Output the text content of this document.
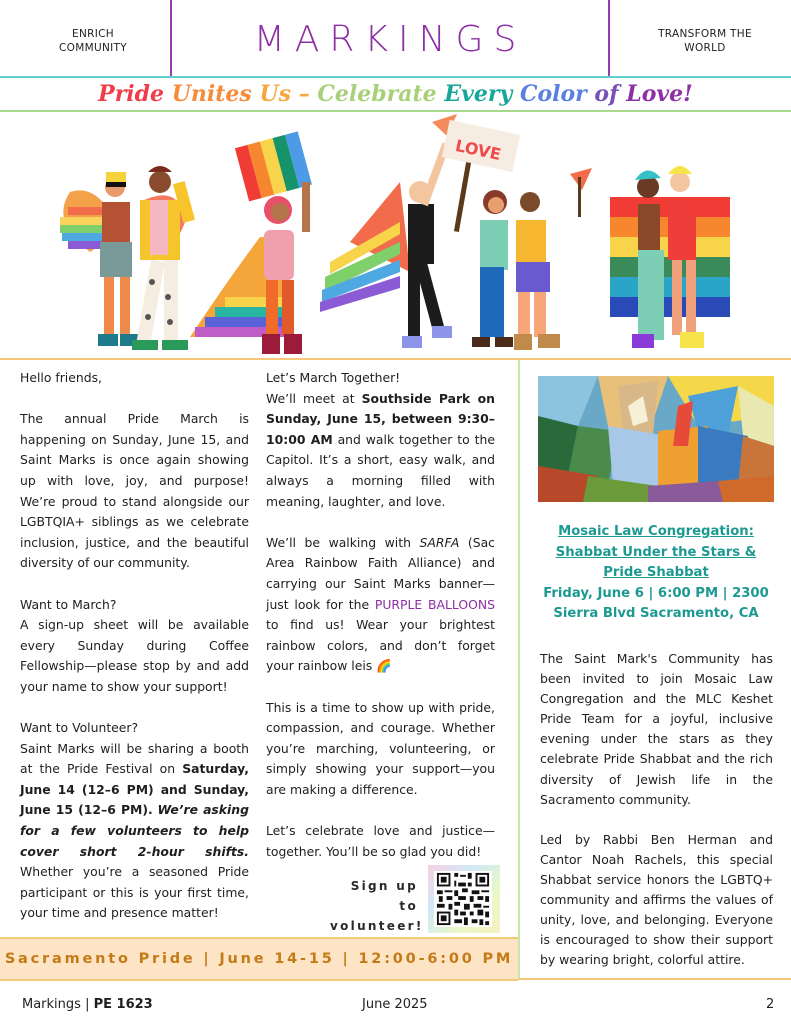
ENRICH
COMMUNITY	MARKINGS	TRANSFORM THE
WORLD
Pride Unites Us – Celebrate Every Color of Love!
LOVE

Hello friends,

The annual Pride March is happening on Sunday, June 15, and Saint Marks is once again showing up with love, joy, and purpose! We’re proud to stand alongside our LGBTQIA+ siblings as we celebrate inclusion, justice, and the beautiful diversity of our community.

Want to March?

A sign-up sheet will be available every Sunday during Coffee Fellowship—please stop by and add your name to show your support!

Want to Volunteer?

Saint Marks will be sharing a booth at the Pride Festival on Saturday, June 14 (12–6 PM) and Sunday, June 15 (12–6 PM). We’re asking for a few volunteers to help cover short 2-hour shifts. Whether you’re a seasoned Pride participant or this is your first time, your time and presence matter!

Let’s March Together!

We’ll meet at Southside Park on Sunday, June 15, between 9:30–10:00 AM and walk together to the Capitol. It’s a short, easy walk, and always a morning filled with meaning, laughter, and love.

We’ll be walking with SARFA (Sac Area Rainbow Faith Alliance) and carrying our Saint Marks banner—just look for the PURPLE BALLOONS to find us! Wear your brightest rainbow colors, and don’t forget your rainbow leis 🌈

This is a time to show up with pride, compassion, and courage. Whether you’re marching, volunteering, or simply showing your support—you are making a difference.

Let’s celebrate love and justice—together. You’ll be so glad you did!

Sign up to
volunteer!
Sacramento Pride | June 14-15 | 12:00-6:00 PM
Mosaic Law Congregation:
Shabbat Under the Stars &
Pride Shabbat
Friday, June 6 | 6:00 PM | 2300
Sierra Blvd Sacramento, CA

The Saint Mark's Community has been invited to join Mosaic Law Congregation and the MLC Keshet Pride Team for a joyful, inclusive evening under the stars as they celebrate Pride Shabbat and the rich diversity of Jewish life in the Sacramento community.

Led by Rabbi Ben Herman and Cantor Noah Rachels, this special Shabbat service honors the LGBTQ+ community and affirms the values of unity, love, and belonging. Everyone is encouraged to show their support by wearing bright, colorful attire.

Markings | PE 1623	June 2025	2
